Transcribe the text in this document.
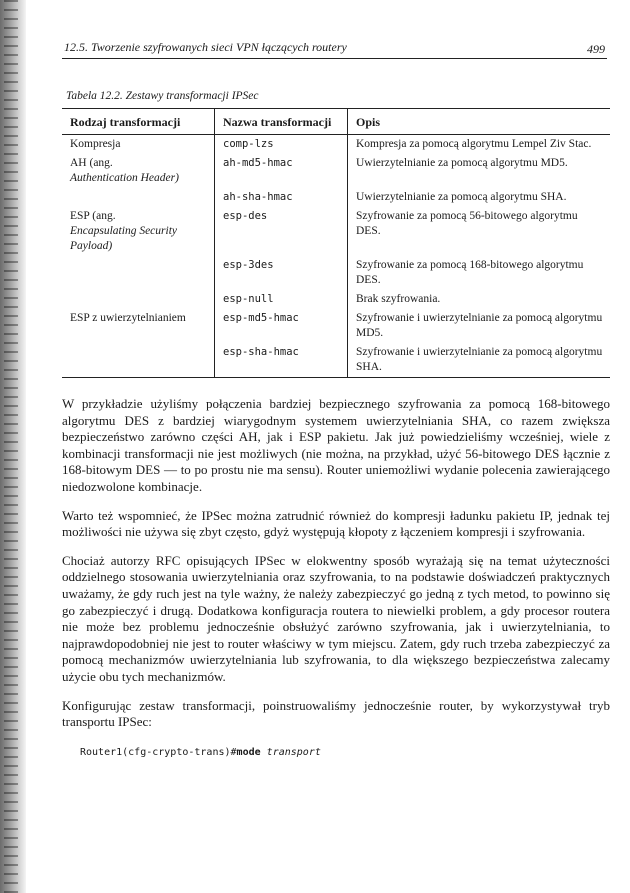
12.5. Tworzenie szyfrowanych sieci VPN łączących routery	499
Tabela 12.2. Zestawy transformacji IPSec
Rodzaj transformacji	Nazwa transformacji	Opis

Kompresja	comp-lzs	Kompresja za pomocą algorytmu Lempel Ziv Stac.

AH (ang.
Authentication Header)	ah-md5-hmac	Uwierzytelnianie za pomocą algorytmu MD5.

	ah-sha-hmac	Uwierzytelnianie za pomocą algorytmu SHA.

ESP (ang.
Encapsulating Security Payload)	esp-des	Szyfrowanie za pomocą 56-bitowego algorytmu DES.

	esp-3des	Szyfrowanie za pomocą 168-bitowego algorytmu DES.

	esp-null	Brak szyfrowania.

ESP z uwierzytelnianiem	esp-md5-hmac	Szyfrowanie i uwierzytelnianie za pomocą algorytmu MD5.

	esp-sha-hmac	Szyfrowanie i uwierzytelnianie za pomocą algorytmu SHA.

W przykładzie użyliśmy połączenia bardziej bezpiecznego szyfrowania za pomocą 168-bitowego algorytmu DES z bardziej wiarygodnym systemem uwierzytelniania SHA, co razem zwiększa bezpieczeństwo zarówno części AH, jak i ESP pakietu. Jak już powiedzieliśmy wcześniej, wiele z kombinacji transformacji nie jest możliwych (nie można, na przykład, użyć 56-bitowego DES łącznie z 168-bitowym DES — to po prostu nie ma sensu). Router uniemożliwi wydanie polecenia zawierającego niedozwolone kombinacje.

Warto też wspomnieć, że IPSec można zatrudnić również do kompresji ładunku pakietu IP, jednak tej możliwości nie używa się zbyt często, gdyż występują kłopoty z łączeniem kompresji i szyfrowania.

Chociaż autorzy RFC opisujących IPSec w elokwentny sposób wyrażają się na temat użyteczności oddzielnego stosowania uwierzytelniania oraz szyfrowania, to na podstawie doświadczeń praktycznych uważamy, że gdy ruch jest na tyle ważny, że należy zabezpieczyć go jedną z tych metod, to powinno się go zabezpieczyć i drugą. Dodatkowa konfiguracja routera to niewielki problem, a gdy procesor routera nie może bez problemu jednocześnie obsłużyć zarówno szyfrowania, jak i uwierzytelniania, to najprawdopodobniej nie jest to router właściwy w tym miejscu. Zatem, gdy ruch trzeba zabezpieczyć za pomocą mechanizmów uwierzytelniania lub szyfrowania, to dla większego bezpieczeństwa zalecamy użycie obu tych mechanizmów.

Konfigurując zestaw transformacji, poinstruowaliśmy jednocześnie router, by wykorzystywał tryb transportu IPSec:

Router1(cfg-crypto-trans)#mode transport
